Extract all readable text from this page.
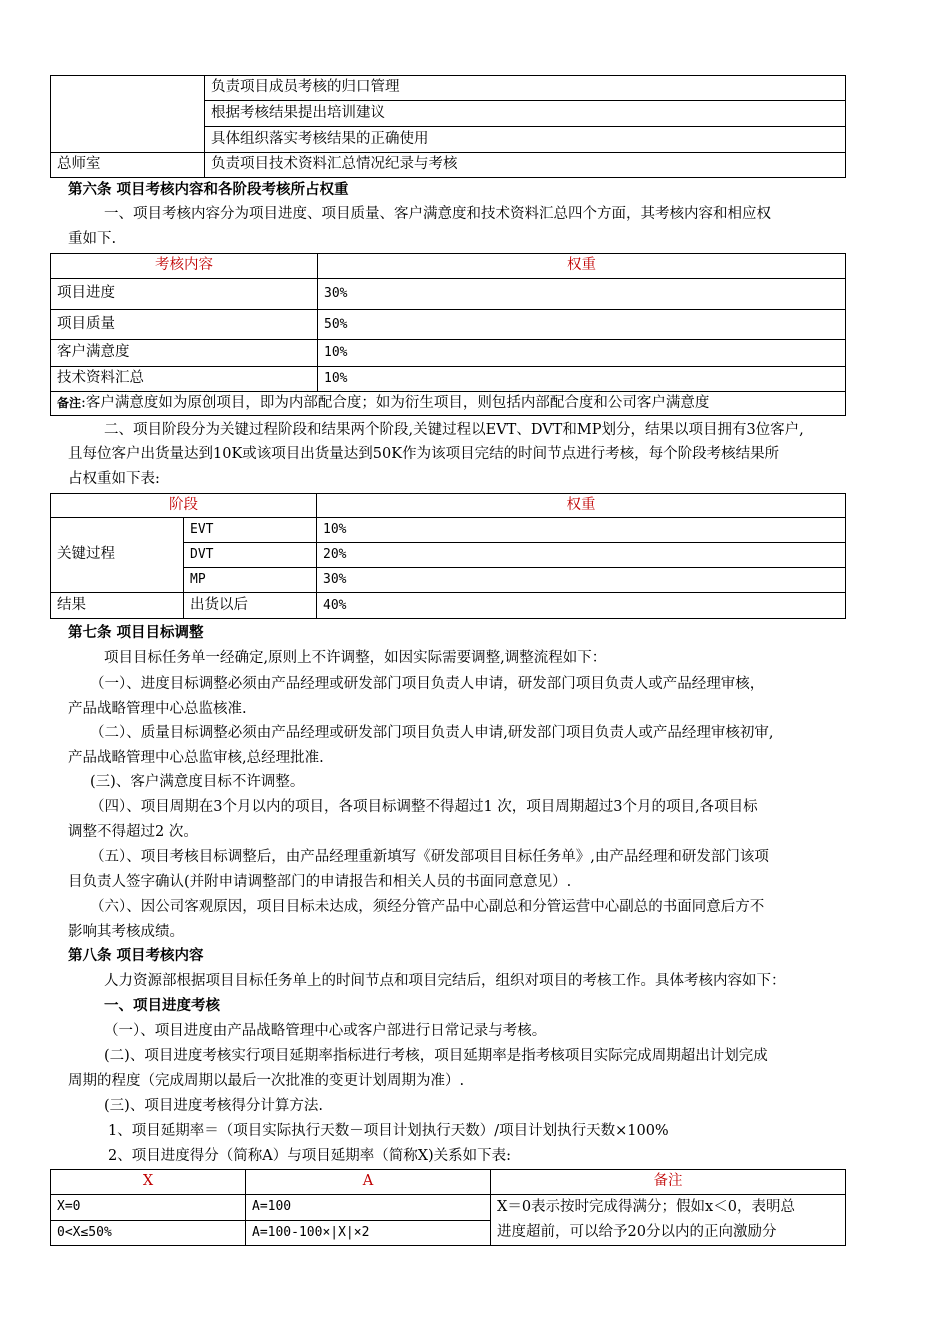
	负责项目成员考核的归口管理
	根据考核结果提出培训建议
	具体组织落实考核结果的正确使用
总师室	负责项目技术资料汇总情况纪录与考核
第六条 项目考核内容和各阶段考核所占权重
一、项目考核内容分为项目进度、项目质量、客户满意度和技术资料汇总四个方面，其考核内容和相应权
重如下.
考核内容	权重
项目进度	30%
项目质量	50%
客户满意度	10%
技术资料汇总	10%
备注:客户满意度如为原创项目，即为内部配合度；如为衍生项目，则包括内部配合度和公司客户满意度	
二、项目阶段分为关键过程阶段和结果两个阶段,关键过程以EVT、DVT和MP划分，结果以项目拥有3位客户,
且每位客户出货量达到10K或该项目出货量达到50K作为该项目完结的时间节点进行考核，每个阶段考核结果所
占权重如下表:
阶段		权重
关键过程	EVT	10%
	DVT	20%
	MP	30%
结果	出货以后	40%
第七条 项目目标调整
项目目标任务单一经确定,原则上不许调整，如因实际需要调整,调整流程如下：
（一）、进度目标调整必须由产品经理或研发部门项目负责人申请，研发部门项目负责人或产品经理审核，
产品战略管理中心总监核准.
（二）、质量目标调整必须由产品经理或研发部门项目负责人申请,研发部门项目负责人或产品经理审核初审,
产品战略管理中心总监审核,总经理批准.
(三)、客户满意度目标不许调整。
（四）、项目周期在3个月以内的项目，各项目标调整不得超过1 次，项目周期超过3个月的项目,各项目标
调整不得超过2 次。
（五）、项目考核目标调整后，由产品经理重新填写《研发部项目目标任务单》,由产品经理和研发部门该项
目负责人签字确认(并附申请调整部门的申请报告和相关人员的书面同意意见）.
（六）、因公司客观原因，项目目标未达成，须经分管产品中心副总和分管运营中心副总的书面同意后方不
影响其考核成绩。
第八条 项目考核内容
人力资源部根据项目目标任务单上的时间节点和项目完结后，组织对项目的考核工作。具体考核内容如下：
一、项目进度考核
（一）、项目进度由产品战略管理中心或客户部进行日常记录与考核。
(二)、项目进度考核实行项目延期率指标进行考核，项目延期率是指考核项目实际完成周期超出计划完成
周期的程度（完成周期以最后一次批准的变更计划周期为准）.
(三)、项目进度考核得分计算方法.
1、项目延期率＝（项目实际执行天数－项目计划执行天数）/项目计划执行天数×100%
2、项目进度得分（简称A）与项目延期率（简称X)关系如下表:
X	A	备注
X=0	A=100	X＝0表示按时完成得满分；假如x＜0，表明总
进度超前，可以给予20分以内的正向激励分

0<X≤50%	A=100-100×|X|×2	
